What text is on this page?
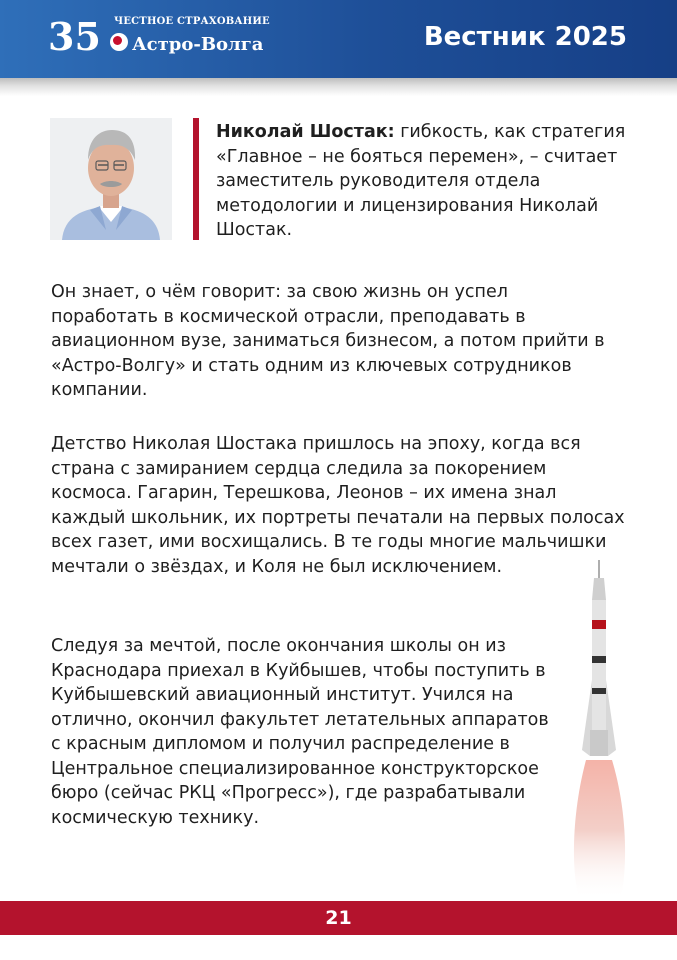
35 ЧЕСТНОЕ СТРАХОВАНИЕ
Астро-Волга	Вестник 2025
Николай Шостак: гибкость, как стратегия «Главное – не бояться перемен», – считает заместитель руководителя отдела методологии и лицензирования Николай Шостак.
Он знает, о чём говорит: за свою жизнь он успел поработать в космической отрасли, преподавать в авиационном вузе, заниматься бизнесом, а потом прийти в «Астро-Волгу» и стать одним из ключевых сотрудников компании.
Детство Николая Шостака пришлось на эпоху, когда вся страна с замиранием сердца следила за покорением космоса. Гагарин, Терешкова, Леонов – их имена знал каждый школьник, их портреты печатали на первых полосах всех газет, ими восхищались. В те годы многие мальчишки мечтали о звёздах, и Коля не был исключением.
Следуя за мечтой, после окончания школы он из Краснодара приехал в Куйбышев, чтобы поступить в Куйбышевский авиационный институт. Учился на отлично, окончил факультет летательных аппаратов с красным дипломом и получил распределение в Центральное специализированное конструкторское бюро (сейчас РКЦ «Прогресс»), где разрабатывали космическую технику.
21
